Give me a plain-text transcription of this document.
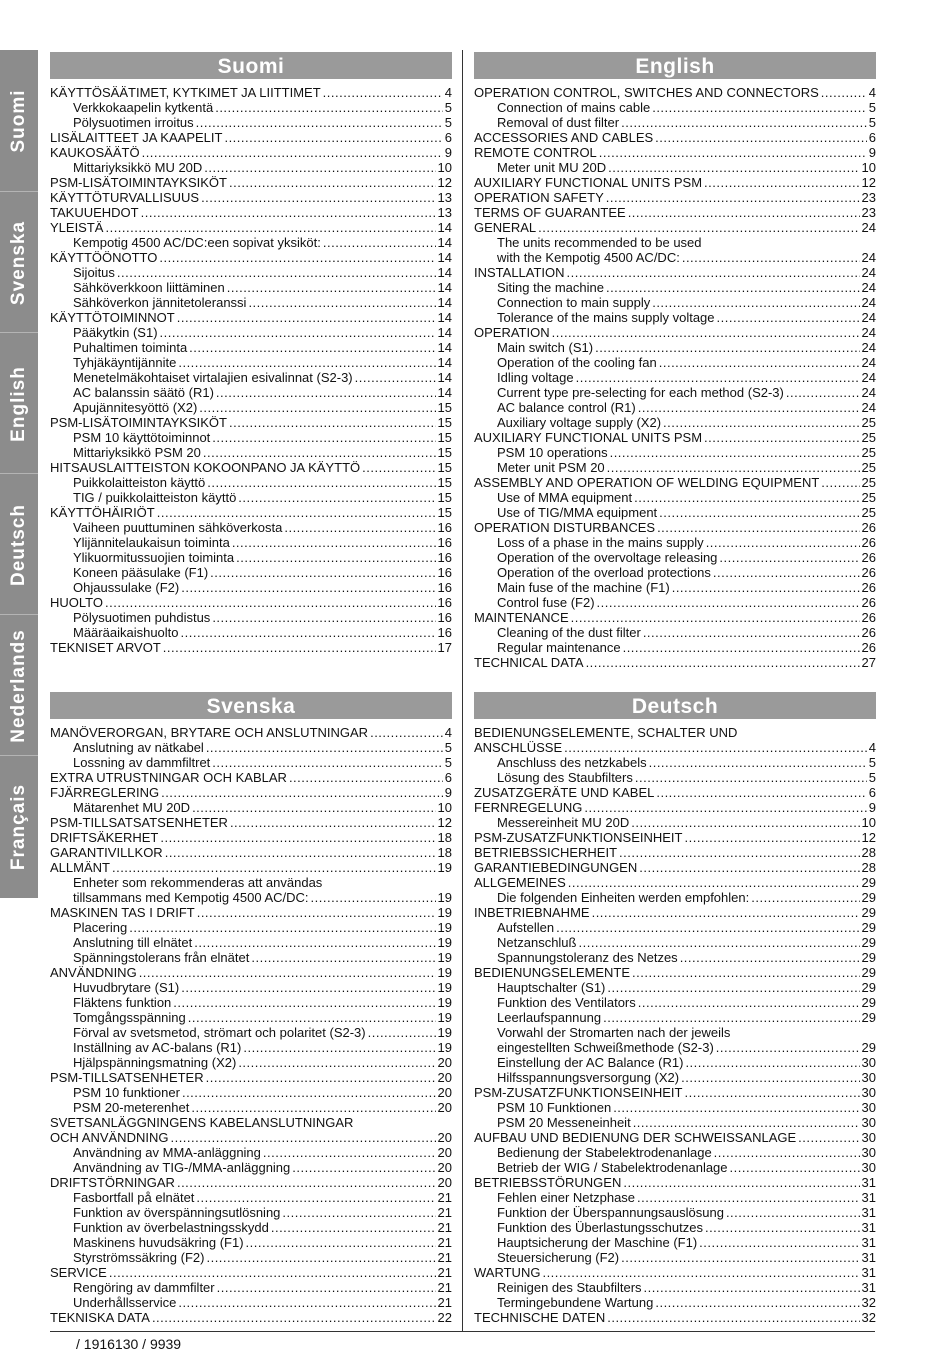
Suomi
Svenska
English
Deutsch
Nederlands
Français
Suomi
KÄYTTÖSÄÄTIMET, KYTKIMET JA LIITTIMET .....	4
Verkkokaapelin kytkentä .....	5
Pölysuotimen irroitus .....	5
LISÄLAITTEET JA KAAPELIT .....	6
KAUKOSÄÄTÖ .....	9
Mittariyksikkö MU 20D .....	10
PSM-LISÄTOIMINTAYKSIKÖT .....	12
KÄYTTÖTURVALLISUUS .....	13
TAKUUEHDOT .....	13
YLEISTÄ .....	14
Kempotig 4500 AC/DC:een sopivat yksiköt: .....	14
KÄYTTÖÖNOTTO .....	14
Sijoitus .....	14
Sähköverkkoon liittäminen .....	14
Sähköverkon jännitetoleranssi .....	14
KÄYTTÖTOIMINNOT .....	14
Pääkytkin (S1) .....	14
Puhaltimen toiminta .....	14
Tyhjäkäyntijännite .....	14
Menetelmäkohtaiset virtalajien esivalinnat (S2-3) .....	14
AC balanssin säätö (R1) .....	14
Apujännitesyöttö (X2) .....	15
PSM-LISÄTOIMINTAYKSIKÖT .....	15
PSM 10 käyttötoiminnot .....	15
Mittariyksikkö PSM 20 .....	15
HITSAUSLAITTEISTON KOKOONPANO JA KÄYTTÖ .....	15
Puikkolaitteiston käyttö .....	15
TIG / puikkolaitteiston käyttö .....	15
KÄYTTÖHÄIRIÖT .....	15
Vaiheen puuttuminen sähköverkosta .....	16
Ylijännitelaukaisun toiminta .....	16
Ylikuormitussuojien toiminta .....	16
Koneen pääsulake (F1) .....	16
Ohjaussulake (F2) .....	16
HUOLTO .....	16
Pölysuotimen puhdistus .....	16
Määräaikaishuolto .....	16
TEKNISET ARVOT .....	17
English
OPERATION CONTROL, SWITCHES AND CONNECTORS .....	4
Connection of mains cable .....	5
Removal of dust filter .....	5
ACCESSORIES AND CABLES .....	6
REMOTE CONTROL .....	9
Meter unit MU 20D .....	10
AUXILIARY FUNCTIONAL UNITS PSM .....	12
OPERATION SAFETY .....	23
TERMS OF GUARANTEE .....	23
GENERAL .....	24
The units recommended to be used
with the Kempotig 4500 AC/DC: .....	24
INSTALLATION .....	24
Siting the machine .....	24
Connection to main supply .....	24
Tolerance of the mains supply voltage .....	24
OPERATION .....	24
Main switch (S1) .....	24
Operation of the cooling fan .....	24
Idling voltage .....	24
Current type pre-selecting for each method (S2-3) .....	24
AC balance control (R1) .....	24
Auxiliary voltage supply (X2) .....	25
AUXILIARY FUNCTIONAL UNITS PSM .....	25
PSM 10 operations .....	25
Meter unit PSM 20 .....	25
ASSEMBLY AND OPERATION OF WELDING EQUIPMENT .....	25
Use of MMA equipment .....	25
Use of TIG/MMA equipment .....	25
OPERATION DISTURBANCES .....	26
Loss of a phase in the mains supply .....	26
Operation of the overvoltage releasing .....	26
Operation of the overload protections .....	26
Main fuse of the machine (F1) .....	26
Control fuse (F2) .....	26
MAINTENANCE .....	26
Cleaning of the dust filter .....	26
Regular maintenance .....	26
TECHNICAL DATA .....	27
Svenska
MANÖVERORGAN, BRYTARE OCH ANSLUTNINGAR .....	4
Anslutning av nätkabel .....	5
Lossning av dammfiltret .....	5
EXTRA UTRUSTNINGAR OCH KABLAR .....	6
FJÄRREGLERING .....	9
Mätarenhet MU 20D .....	10
PSM-TILLSATSATSENHETER .....	12
DRIFTSÄKERHET .....	18
GARANTIVILLKOR .....	18
ALLMÄNT .....	19
Enheter som rekommenderas att användas
tillsammans med Kempotig 4500 AC/DC: .....	19
MASKINEN TAS I DRIFT .....	19
Placering .....	19
Anslutning till elnätet .....	19
Spänningstolerans från elnätet .....	19
ANVÄNDNING .....	19
Huvudbrytare (S1) .....	19
Fläktens funktion .....	19
Tomgångsspänning .....	19
Förval av svetsmetod, strömart och polaritet (S2-3) .....	19
Inställning av AC-balans (R1) .....	19
Hjälpspänningsmatning (X2) .....	20
PSM-TILLSATSENHETER .....	20
PSM 10 funktioner .....	20
PSM 20-meterenhet .....	20
SVETSANLÄGGNINGENS KABELANSLUTNINGAR
OCH ANVÄNDNING .....	20
Användning av MMA-anläggning .....	20
Användning av TIG-/MMA-anläggning .....	20
DRIFTSTÖRNINGAR .....	20
Fasbortfall på elnätet .....	21
Funktion av överspänningsutlösning .....	21
Funktion av överbelastningsskydd .....	21
Maskinens huvudsäkring (F1) .....	21
Styrströmssäkring (F2) .....	21
SERVICE .....	21
Rengöring av dammfilter .....	21
Underhållsservice .....	21
TEKNISKA DATA .....	22
Deutsch
BEDIENUNGSELEMENTE, SCHALTER UND
ANSCHLÜSSE .....	4
Anschluss des netzkabels .....	5
Lösung des Staubfilters .....	5
ZUSATZGERÄTE UND KABEL .....	6
FERNREGELUNG .....	9
Messereinheit MU 20D .....	10
PSM-ZUSATZFUNKTIONSEINHEIT .....	12
BETRIEBSSICHERHEIT .....	28
GARANTIEBEDINGUNGEN .....	28
ALLGEMEINES .....	29
Die folgenden Einheiten werden empfohlen: .....	29
INBETRIEBNAHME .....	29
Aufstellen .....	29
Netzanschluß .....	29
Spannungstoleranz des Netzes .....	29
BEDIENUNGSELEMENTE .....	29
Hauptschalter (S1) .....	29
Funktion des Ventilators .....	29
Leerlaufspannung .....	29
Vorwahl der Stromarten nach der jeweils
eingestellten Schweißmethode (S2-3) .....	29
Einstellung der AC Balance (R1) .....	30
Hilfsspannungsversorgung (X2) .....	30
PSM-ZUSATZFUNKTIONSEINHEIT .....	30
PSM 10 Funktionen .....	30
PSM 20 Messeneinheit .....	30
AUFBAU UND BEDIENUNG DER SCHWEISSANLAGE .....	30
Bedienung der Stabelektrodenanlage .....	30
Betrieb der WIG / Stabelektrodenanlage .....	30
BETRIEBSSTÖRUNGEN .....	31
Fehlen einer Netzphase .....	31
Funktion der Überspannungsauslösung .....	31
Funktion des Überlastungsschutzes .....	31
Hauptsicherung der Maschine (F1) .....	31
Steuersicherung (F2) .....	31
WARTUNG .....	31
Reinigen des Staubfilters .....	31
Termingebundene Wartung .....	32
TECHNISCHE DATEN .....	32
/ 1916130 / 9939
